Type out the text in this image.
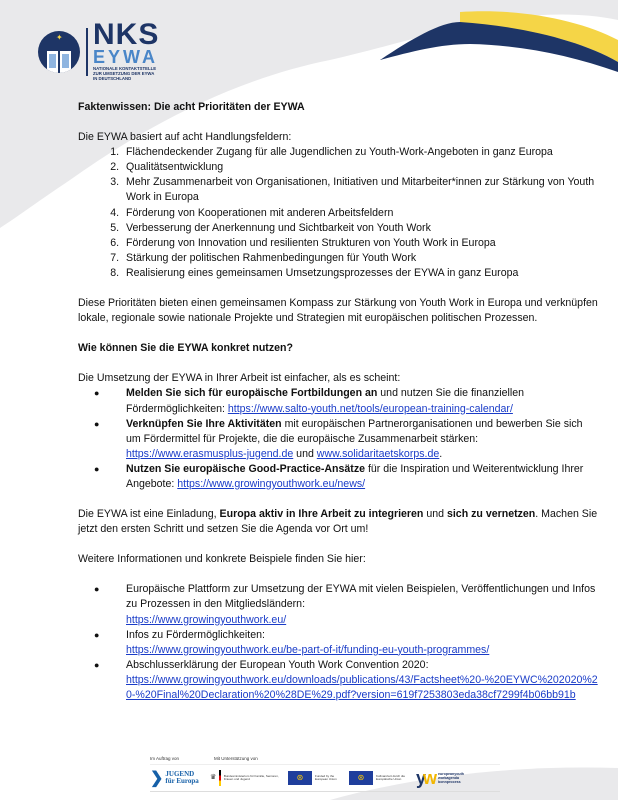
✦ NKS
EYWA
NATIONALE KONTAKTSTELLE
ZUR UMSETZUNG DER EYWA
IN DEUTSCHLAND

Faktenwissen: Die acht Prioritäten der EYWA

Die EYWA basiert auf acht Handlungsfeldern:

1. Flächendeckender Zugang für alle Jugendlichen zu Youth-Work-Angeboten in ganz Europa
2. Qualitätsentwicklung
3. Mehr Zusammenarbeit von Organisationen, Initiativen und Mitarbeiter*innen zur Stärkung von Youth Work in Europa
4. Förderung von Kooperationen mit anderen Arbeitsfeldern
5. Verbesserung der Anerkennung und Sichtbarkeit von Youth Work
6. Förderung von Innovation und resilienten Strukturen von Youth Work in Europa
7. Stärkung der politischen Rahmenbedingungen für Youth Work
8. Realisierung eines gemeinsamen Umsetzungsprozesses der EYWA in ganz Europa

Diese Prioritäten bieten einen gemeinsamen Kompass zur Stärkung von Youth Work in Europa und verknüpfen lokale, regionale sowie nationale Projekte und Strategien mit europäischen politischen Prozessen.

Wie können Sie die EYWA konkret nutzen?

Die Umsetzung der EYWA in Ihrer Arbeit ist einfacher, als es scheint:

● Melden Sie sich für europäische Fortbildungen an und nutzen Sie die finanziellen Fördermöglichkeiten: https://www.salto-youth.net/tools/european-training-calendar/
● Verknüpfen Sie Ihre Aktivitäten mit europäischen Partnerorganisationen und bewerben Sie sich um Fördermittel für Projekte, die die europäische Zusammenarbeit stärken: https://www.erasmusplus-jugend.de und www.solidaritaetskorps.de.
● Nutzen Sie europäische Good-Practice-Ansätze für die Inspiration und Weiterentwicklung Ihrer Angebote: https://www.growingyouthwork.eu/news/

Die EYWA ist eine Einladung, Europa aktiv in Ihre Arbeit zu integrieren und sich zu vernetzen. Machen Sie jetzt den ersten Schritt und setzen Sie die Agenda vor Ort um!

Weitere Informationen und konkrete Beispiele finden Sie hier:

● Europäische Plattform zur Umsetzung der EYWA mit vielen Beispielen, Veröffentlichungen und Infos zu Prozessen in den Mitgliedsländern:
https://www.growingyouthwork.eu/
● Infos zu Fördermöglichkeiten:
https://www.growingyouthwork.eu/be-part-of-it/funding-eu-youth-programmes/
● Abschlusserklärung der European Youth Work Convention 2020:
https://www.growingyouthwork.eu/downloads/publications/43/Factsheet%20-%20EYWC%202020%20-%20Final%20Declaration%20%28DE%29.pdf?version=619f7253803eda38cf7299f4b06bb91b
Im Auftrag von	Mit Unterstützung von
❯ JUGEND
für Europa ♛	Bundesministerium für Familie, Senioren, Frauen und Jugend	⊛	Funded by the European Union	⊛	Kofinanziert durch die Europäische Union yw europeanyouth
workagenda
bonnprocess
